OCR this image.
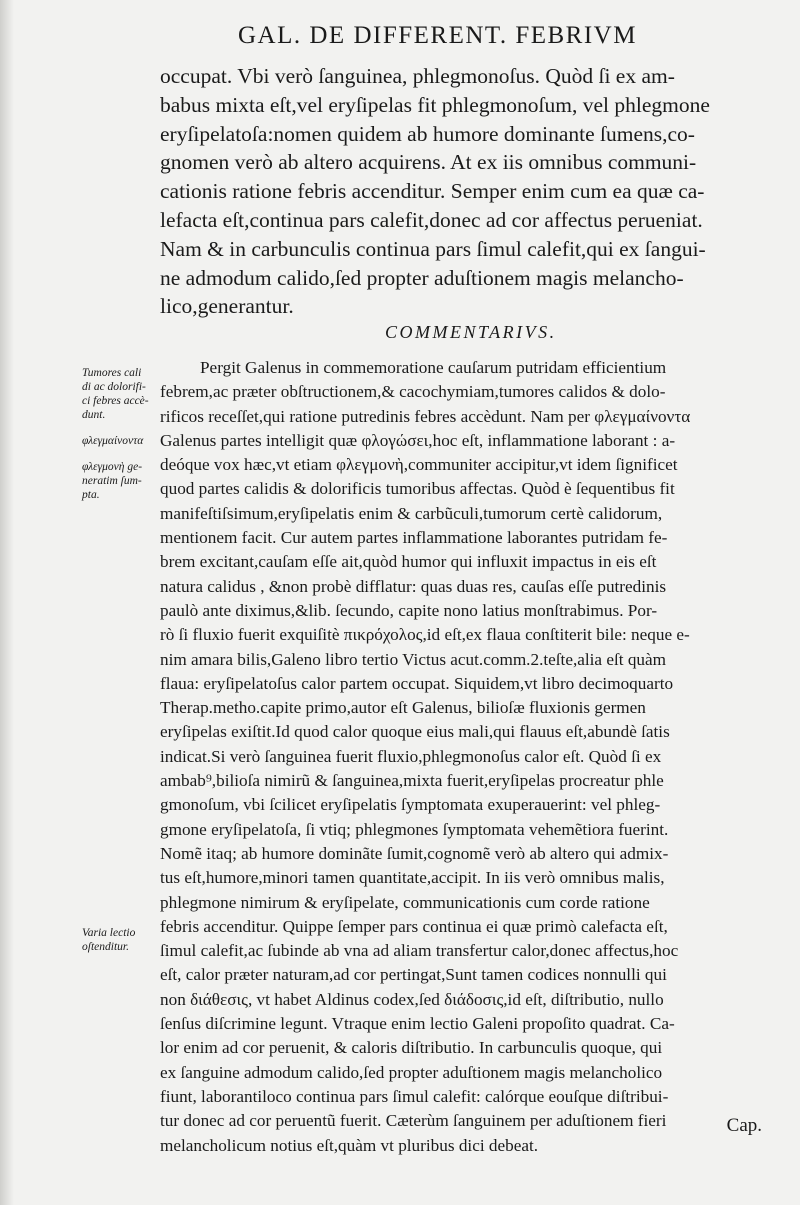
GAL. DE DIFFERENT. FEBRIVM
occupat. Vbi verò ſanguinea, phlegmonoſus. Quòd ſi ex am-
babus mixta eſt,vel eryſipelas fit phlegmonoſum, vel phlegmone
eryſipelatoſa:nomen quidem ab humore dominante ſumens,co-
gnomen verò ab altero acquirens. At ex iis omnibus communi-
cationis ratione febris accenditur. Semper enim cum ea quæ ca-
lefacta eſt,continua pars calefit,donec ad cor affectus perueniat.
Nam & in carbunculis continua pars ſimul calefit,qui ex ſangui-
ne admodum calido,ſed propter aduſtionem magis melancho-
lico,generantur.
COMMENTARIVS.
Pergit Galenus in commemoratione cauſarum putridam efficientium
febrem,ac præter obſtructionem,& cacochymiam,tumores calidos & dolo-
rificos receſſet,qui ratione putredinis febres accèdunt. Nam per φλεγμαίνοντα
Galenus partes intelligit quæ φλογώσει,hoc eſt, inflammatione laborant : a-
deóque vox hæc,vt etiam φλεγμονὴ,communiter accipitur,vt idem ſignificet
quod partes calidis & dolorificis tumoribus affectas. Quòd è ſequentibus fit
manifeſtiſsimum,eryſipelatis enim & carbũculi,tumorum certè calidorum,
mentionem facit. Cur autem partes inflammatione laborantes putridam fe-
brem excitant,cauſam eſſe ait,quòd humor qui influxit impactus in eis eſt
natura calidus , &non probè difflatur: quas duas res, cauſas eſſe putredinis
paulò ante diximus,&lib. ſecundo, capite nono latius monſtrabimus. Por-
rò ſi fluxio fuerit exquiſitè πικρόχολος,id eſt,ex flaua conſtiterit bile: neque e-
nim amara bilis,Galeno libro tertio Victus acut.comm.2.teſte,alia eſt quàm
flaua: eryſipelatoſus calor partem occupat. Siquidem,vt libro decimoquarto
Therap.metho.capite primo,autor eſt Galenus, bilioſæ fluxionis germen
eryſipelas exiſtit.Id quod calor quoque eius mali,qui flauus eſt,abundè ſatis
indicat.Si verò ſanguinea fuerit fluxio,phlegmonoſus calor eſt. Quòd ſi ex
ambab⁹,bilioſa nimirũ & ſanguinea,mixta fuerit,eryſipelas procreatur phle
gmonoſum, vbi ſcilicet eryſipelatis ſymptomata exuperauerint: vel phleg-
gmone eryſipelatoſa, ſi vtiq; phlegmones ſymptomata vehemẽtiora fuerint.
Nomẽ itaq; ab humore dominãte ſumit,cognomẽ verò ab altero qui admix-
tus eſt,humore,minori tamen quantitate,accipit. In iis verò omnibus malis,
phlegmone nimirum & eryſipelate, communicationis cum corde ratione
febris accenditur. Quippe ſemper pars continua ei quæ primò calefacta eſt,
ſimul calefit,ac ſubinde ab vna ad aliam transfertur calor,donec affectus,hoc
eſt, calor præter naturam,ad cor pertingat,Sunt tamen codices nonnulli qui
non διάθεσις, vt habet Aldinus codex,ſed διάδοσις,id eſt, diſtributio, nullo
ſenſus diſcrimine legunt. Vtraque enim lectio Galeni propoſito quadrat. Ca-
lor enim ad cor peruenit, & caloris diſtributio. In carbunculis quoque, qui
ex ſanguine admodum calido,ſed propter aduſtionem magis melancholico
fiunt, laborantiloco continua pars ſimul calefit: calórque eouſque diſtribui-
tur donec ad cor peruentũ fuerit. Cæterùm ſanguinem per aduſtionem fieri
melancholicum notius eſt,quàm vt pluribus dici debeat.
Tumores cali
di ac dolorifi-
ci febres accè-
dunt.
φλεγμαίνοντα
φλεγμονὴ ge-
neratim ſum-
pta.
Varia lectio
oſtenditur.
Cap.
